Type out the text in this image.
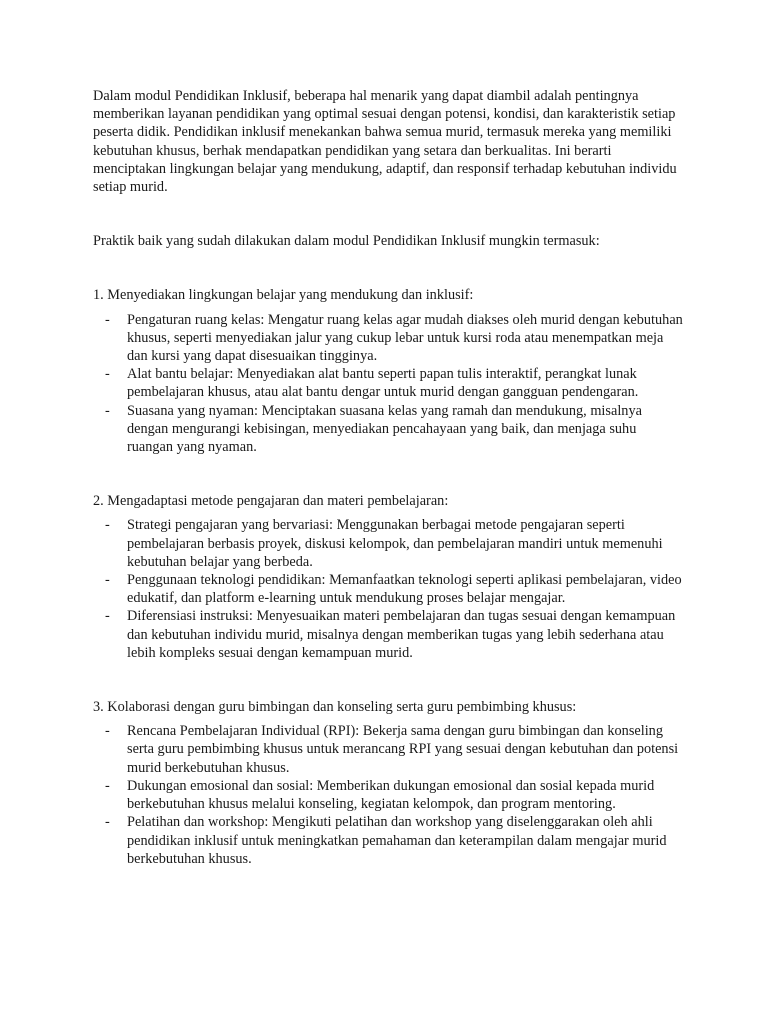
Dalam modul Pendidikan Inklusif, beberapa hal menarik yang dapat diambil adalah pentingnya memberikan layanan pendidikan yang optimal sesuai dengan potensi, kondisi, dan karakteristik setiap peserta didik. Pendidikan inklusif menekankan bahwa semua murid, termasuk mereka yang memiliki kebutuhan khusus, berhak mendapatkan pendidikan yang setara dan berkualitas. Ini berarti menciptakan lingkungan belajar yang mendukung, adaptif, dan responsif terhadap kebutuhan individu setiap murid.

Praktik baik yang sudah dilakukan dalam modul Pendidikan Inklusif mungkin termasuk:

1. Menyediakan lingkungan belajar yang mendukung dan inklusif:

- Pengaturan ruang kelas: Mengatur ruang kelas agar mudah diakses oleh murid dengan kebutuhan khusus, seperti menyediakan jalur yang cukup lebar untuk kursi roda atau menempatkan meja dan kursi yang dapat disesuaikan tingginya.
- Alat bantu belajar: Menyediakan alat bantu seperti papan tulis interaktif, perangkat lunak pembelajaran khusus, atau alat bantu dengar untuk murid dengan gangguan pendengaran.
- Suasana yang nyaman: Menciptakan suasana kelas yang ramah dan mendukung, misalnya dengan mengurangi kebisingan, menyediakan pencahayaan yang baik, dan menjaga suhu ruangan yang nyaman.

2. Mengadaptasi metode pengajaran dan materi pembelajaran:

- Strategi pengajaran yang bervariasi: Menggunakan berbagai metode pengajaran seperti pembelajaran berbasis proyek, diskusi kelompok, dan pembelajaran mandiri untuk memenuhi kebutuhan belajar yang berbeda.
- Penggunaan teknologi pendidikan: Memanfaatkan teknologi seperti aplikasi pembelajaran, video edukatif, dan platform e-learning untuk mendukung proses belajar mengajar.
- Diferensiasi instruksi: Menyesuaikan materi pembelajaran dan tugas sesuai dengan kemampuan dan kebutuhan individu murid, misalnya dengan memberikan tugas yang lebih sederhana atau lebih kompleks sesuai dengan kemampuan murid.

3. Kolaborasi dengan guru bimbingan dan konseling serta guru pembimbing khusus:

- Rencana Pembelajaran Individual (RPI): Bekerja sama dengan guru bimbingan dan konseling serta guru pembimbing khusus untuk merancang RPI yang sesuai dengan kebutuhan dan potensi murid berkebutuhan khusus.
- Dukungan emosional dan sosial: Memberikan dukungan emosional dan sosial kepada murid berkebutuhan khusus melalui konseling, kegiatan kelompok, dan program mentoring.
- Pelatihan dan workshop: Mengikuti pelatihan dan workshop yang diselenggarakan oleh ahli pendidikan inklusif untuk meningkatkan pemahaman dan keterampilan dalam mengajar murid berkebutuhan khusus.
